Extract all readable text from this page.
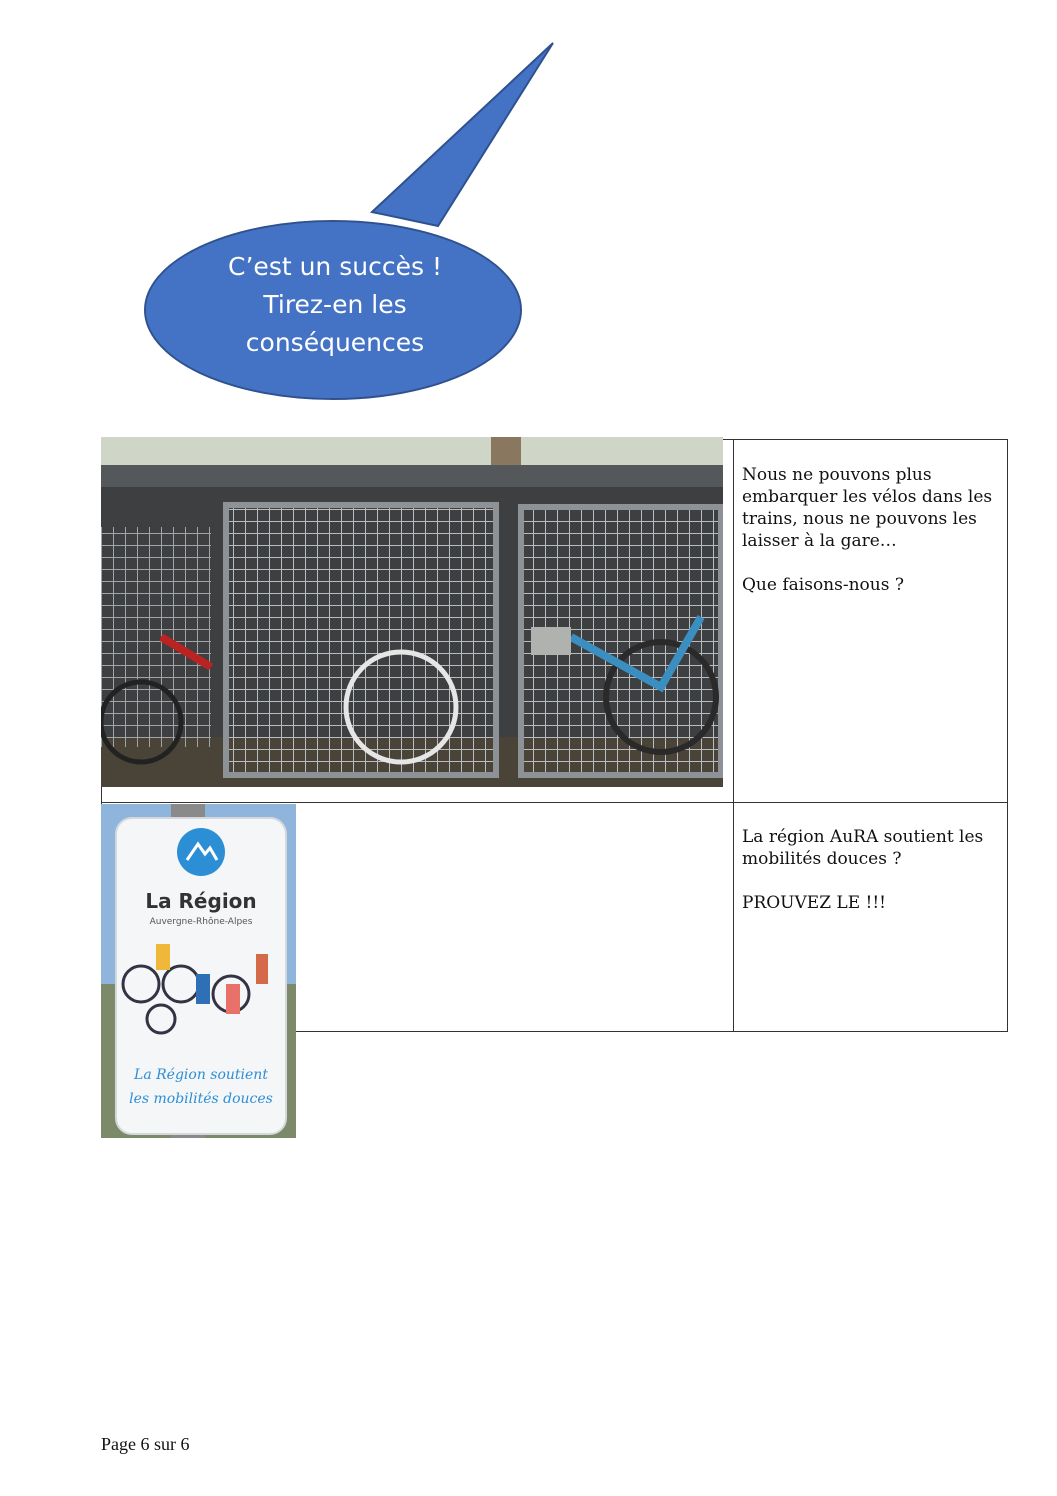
C’est un succès !
Tirez-en les
conséquences

Nous ne pouvons plus embarquer les vélos dans les trains, nous ne pouvons les laisser à la gare…

Que faisons-nous ?

La région AuRA soutient les mobilités douces ?

PROUVEZ LE !!!

La Région
Auvergne-Rhône-Alpes
La Région soutient
les mobilités douces
Page 6 sur 6
